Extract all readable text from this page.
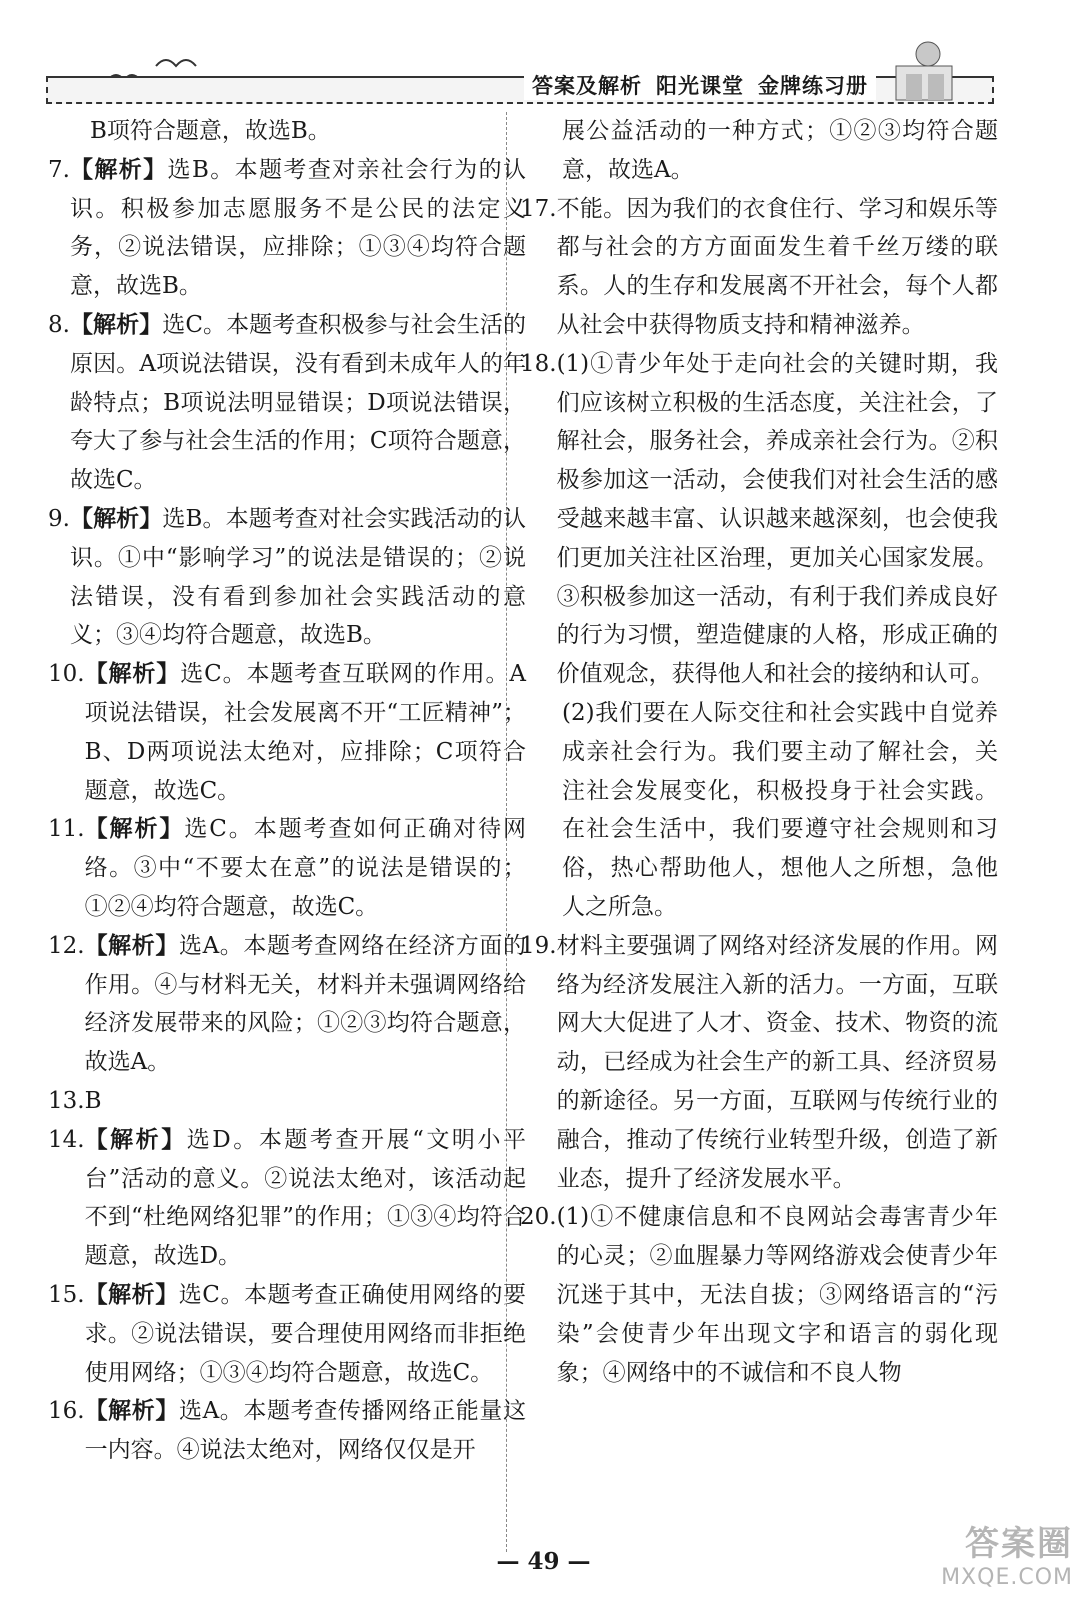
答案及解析 阳光课堂 金牌练习册
B项符合题意，故选B。
7. 【解析】选B。本题考查对亲社会行为的认识。积极参加志愿服务不是公民的法定义务，②说法错误，应排除；①③④均符合题意，故选B。
8. 【解析】选C。本题考查积极参与社会生活的原因。A项说法错误，没有看到未成年人的年龄特点；B项说法明显错误；D项说法错误，夸大了参与社会生活的作用；C项符合题意，故选C。
9. 【解析】选B。本题考查对社会实践活动的认识。①中“影响学习”的说法是错误的；②说法错误，没有看到参加社会实践活动的意义；③④均符合题意，故选B。
10. 【解析】选C。本题考查互联网的作用。A项说法错误，社会发展离不开“工匠精神”；B、D两项说法太绝对，应排除；C项符合题意，故选C。
11. 【解析】选C。本题考查如何正确对待网络。③中“不要太在意”的说法是错误的；①②④均符合题意，故选C。
12. 【解析】选A。本题考查网络在经济方面的作用。④与材料无关，材料并未强调网络给经济发展带来的风险；①②③均符合题意，故选A。
13. B
14. 【解析】选D。本题考查开展“文明小平台”活动的意义。②说法太绝对，该活动起不到“杜绝网络犯罪”的作用；①③④均符合题意，故选D。
15. 【解析】选C。本题考查正确使用网络的要求。②说法错误，要合理使用网络而非拒绝使用网络；①③④均符合题意，故选C。
16. 【解析】选A。本题考查传播网络正能量这一内容。④说法太绝对，网络仅仅是开
展公益活动的一种方式；①②③均符合题意，故选A。
17. 不能。因为我们的衣食住行、学习和娱乐等都与社会的方方面面发生着千丝万缕的联系。人的生存和发展离不开社会，每个人都从社会中获得物质支持和精神滋养。
18. (1)①青少年处于走向社会的关键时期，我们应该树立积极的生活态度，关注社会，了解社会，服务社会，养成亲社会行为。②积极参加这一活动，会使我们对社会生活的感受越来越丰富、认识越来越深刻，也会使我们更加关注社区治理，更加关心国家发展。③积极参加这一活动，有利于我们养成良好的行为习惯，塑造健康的人格，形成正确的价值观念，获得他人和社会的接纳和认可。
(2)我们要在人际交往和社会实践中自觉养成亲社会行为。我们要主动了解社会，关注社会发展变化，积极投身于社会实践。在社会生活中，我们要遵守社会规则和习俗，热心帮助他人，想他人之所想，急他人之所急。
19. 材料主要强调了网络对经济发展的作用。网络为经济发展注入新的活力。一方面，互联网大大促进了人才、资金、技术、物资的流动，已经成为社会生产的新工具、经济贸易的新途径。另一方面，互联网与传统行业的融合，推动了传统行业转型升级，创造了新业态，提升了经济发展水平。
20. (1)①不健康信息和不良网站会毒害青少年的心灵；②血腥暴力等网络游戏会使青少年沉迷于其中，无法自拔；③网络语言的“污染”会使青少年出现文字和语言的弱化现象；④网络中的不诚信和不良人物
— 49 —	答案圈
MXQE.COM
